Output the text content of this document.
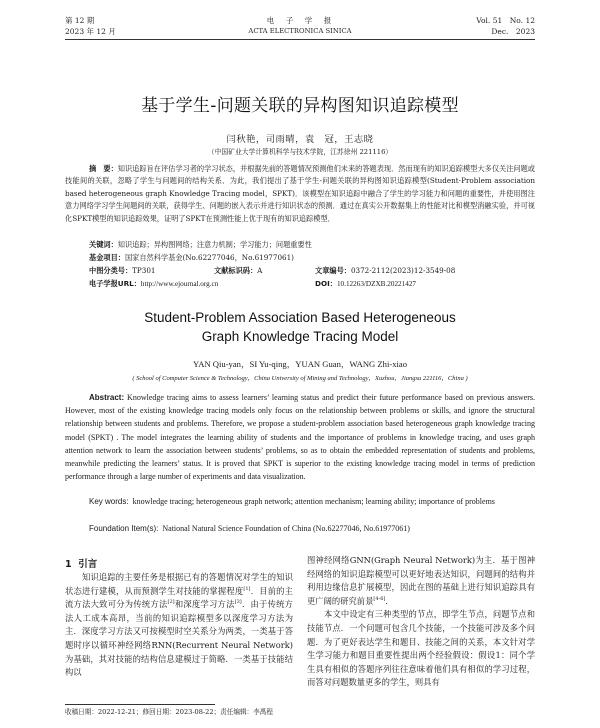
第 12 期
2023 年 12 月
电　子　学　报
ACTA ELECTRONICA SINICA
Vol. 51　No. 12
Dec.　2023
基于学生-问题关联的异构图知识追踪模型
闫秋艳，司雨晴，袁　冠，王志晓
（中国矿业大学计算机科学与技术学院，江苏徐州 221116）
摘　要：知识追踪旨在评估学习者的学习状态，并根据先前的答题情况预测他们未来的答题表现．然而现有的知识追踪模型大多仅关注问题或技能间的关联，忽略了学生与问题间的结构关系．为此，我们提出了基于学生-问题关联的异构图知识追踪模型(Student-Problem association based heterogeneous graph Knowledge Tracing model，SPKT)．该模型在知识追踪中融合了学生的学习能力和问题的重要性，并使用图注意力网络学习学生间题间的关联，获得学生、问题的嵌入表示并进行知识状态的预测．通过在真实公开数据集上的性能对比和模型消融实验，并可视化SPKT模型的知识追踪效果，证明了SPKT在预测性能上优于现有的知识追踪模型．
关键词：知识追踪；异构图网络；注意力机制；学习能力；问题重要性
基金项目：国家自然科学基金(No.62277046，No.61977061)
中图分类号：TP301	文献标识码：A	文章编号：0372-2112(2023)12-3549-08
电子学报URL：http://www.ejournal.org.cn	DOI：10.12263/DZXB.20221427
Student-Problem Association Based Heterogeneous
Graph Knowledge Tracing Model
YAN Qiu-yan，SI Yu-qing，YUAN Guan，WANG Zhi-xiao
( School of Computer Science & Technology，China University of Mining and Technology，Xuzhou，Jiangsu 221116，China )
Abstract: Knowledge tracing aims to assess learners’ learning status and predict their future performance based on previous answers. However, most of the existing knowledge tracing models only focus on the relationship between problems or skills, and ignore the structural relationship between students and problems. Therefore, we propose a student-problem association based heterogeneous graph knowledge tracing model (SPKT) . The model integrates the learning ability of students and the importance of problems in knowledge tracing, and uses graph attention network to learn the association between students’ problems, so as to obtain the embedded representation of students and problems, meanwhile predicting the learners’ status. It is proved that SPKT is superior to the existing knowledge tracing model in terms of prediction performance through a large number of experiments and data visualization.
Key words: knowledge tracing; heterogeneous graph network; attention mechanism; learning ability; importance of problems
Foundation Item(s): National Natural Science Foundation of China (No.62277046, No.61977061)
1 引言
知识追踪的主要任务是根据已有的答题情况对学生的知识状态进行建模，从而预测学生对技能的掌握程度[1]．目前的主流方法大致可分为传统方法[2]和深度学习方法[3]．由于传统方法人工成本高昂，当前的知识追踪模型多以深度学习方法为主．深度学习方法又可按模型时空关系分为两类，一类基于答题时序以循环神经网络RNN(Recurrent Neural Network)为基础，其对技能的结构信息建模过于简略．一类基于技能结构以
图神经网络GNN(Graph Neural Network)为主．基于图神经网络的知识追踪模型可以更好地表达知识，问题间的结构并利用边缘信息扩展模型，因此在图的基础上进行知识追踪具有更广阔的研究前景[4-6]．
本文中设定有三种类型的节点，即学生节点，问题节点和技能节点．一个问题可包含几个技能，一个技能可涉及多个问题．为了更好表达学生和题目、技能之间的关系，本文针对学生学习能力和题目重要性提出两个经验假设：假设1：同个学生具有相似的答题序列往往意味着他们具有相似的学习过程，而答对问题数量更多的学生，则具有
收稿日期：2022-12-21；修回日期：2023-08-22；责任编辑：李禹程
